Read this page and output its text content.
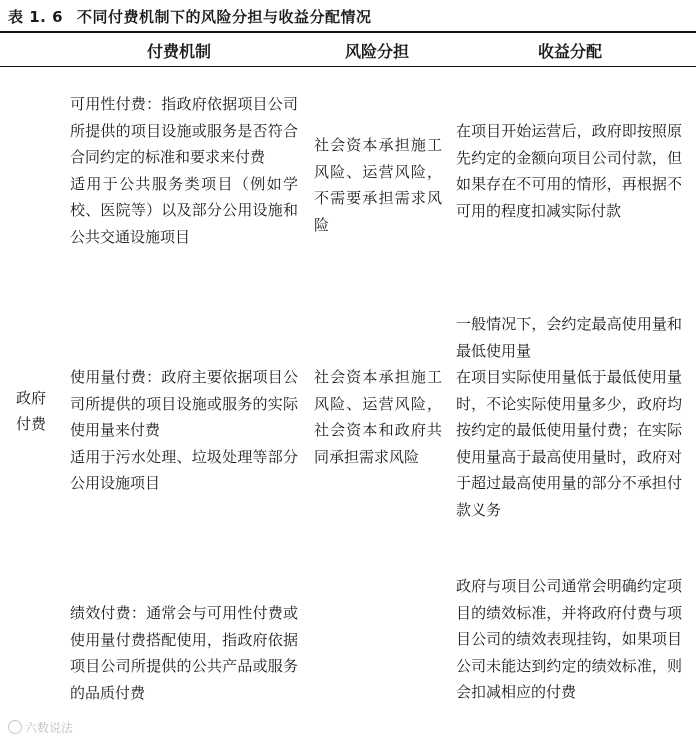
表 1. 6 不同付费机制下的风险分担与收益分配情况
付费机制	风险分担	收益分配
政府付费
可用性付费：指政府依据项目公司所提供的项目设施或服务是否符合合同约定的标准和要求来付费
适用于公共服务类项目（例如学校、医院等）以及部分公用设施和公共交通设施项目
社会资本承担施工风险、运营风险，不需要承担需求风险
在项目开始运营后，政府即按照原先约定的金额向项目公司付款，但如果存在不可用的情形，再根据不可用的程度扣减实际付款
使用量付费：政府主要依据项目公司所提供的项目设施或服务的实际使用量来付费
适用于污水处理、垃圾处理等部分公用设施项目
社会资本承担施工风险、运营风险，社会资本和政府共同承担需求风险
一般情况下，会约定最高使用量和最低使用量
在项目实际使用量低于最低使用量时，不论实际使用量多少，政府均按约定的最低使用量付费；在实际使用量高于最高使用量时，政府对于超过最高使用量的部分不承担付款义务
绩效付费：通常会与可用性付费或使用量付费搭配使用，指政府依据项目公司所提供的公共产品或服务的品质付费
政府与项目公司通常会明确约定项目的绩效标准，并将政府付费与项目公司的绩效表现挂钩，如果项目公司未能达到约定的绩效标准，则会扣减相应的付费
六数说法
